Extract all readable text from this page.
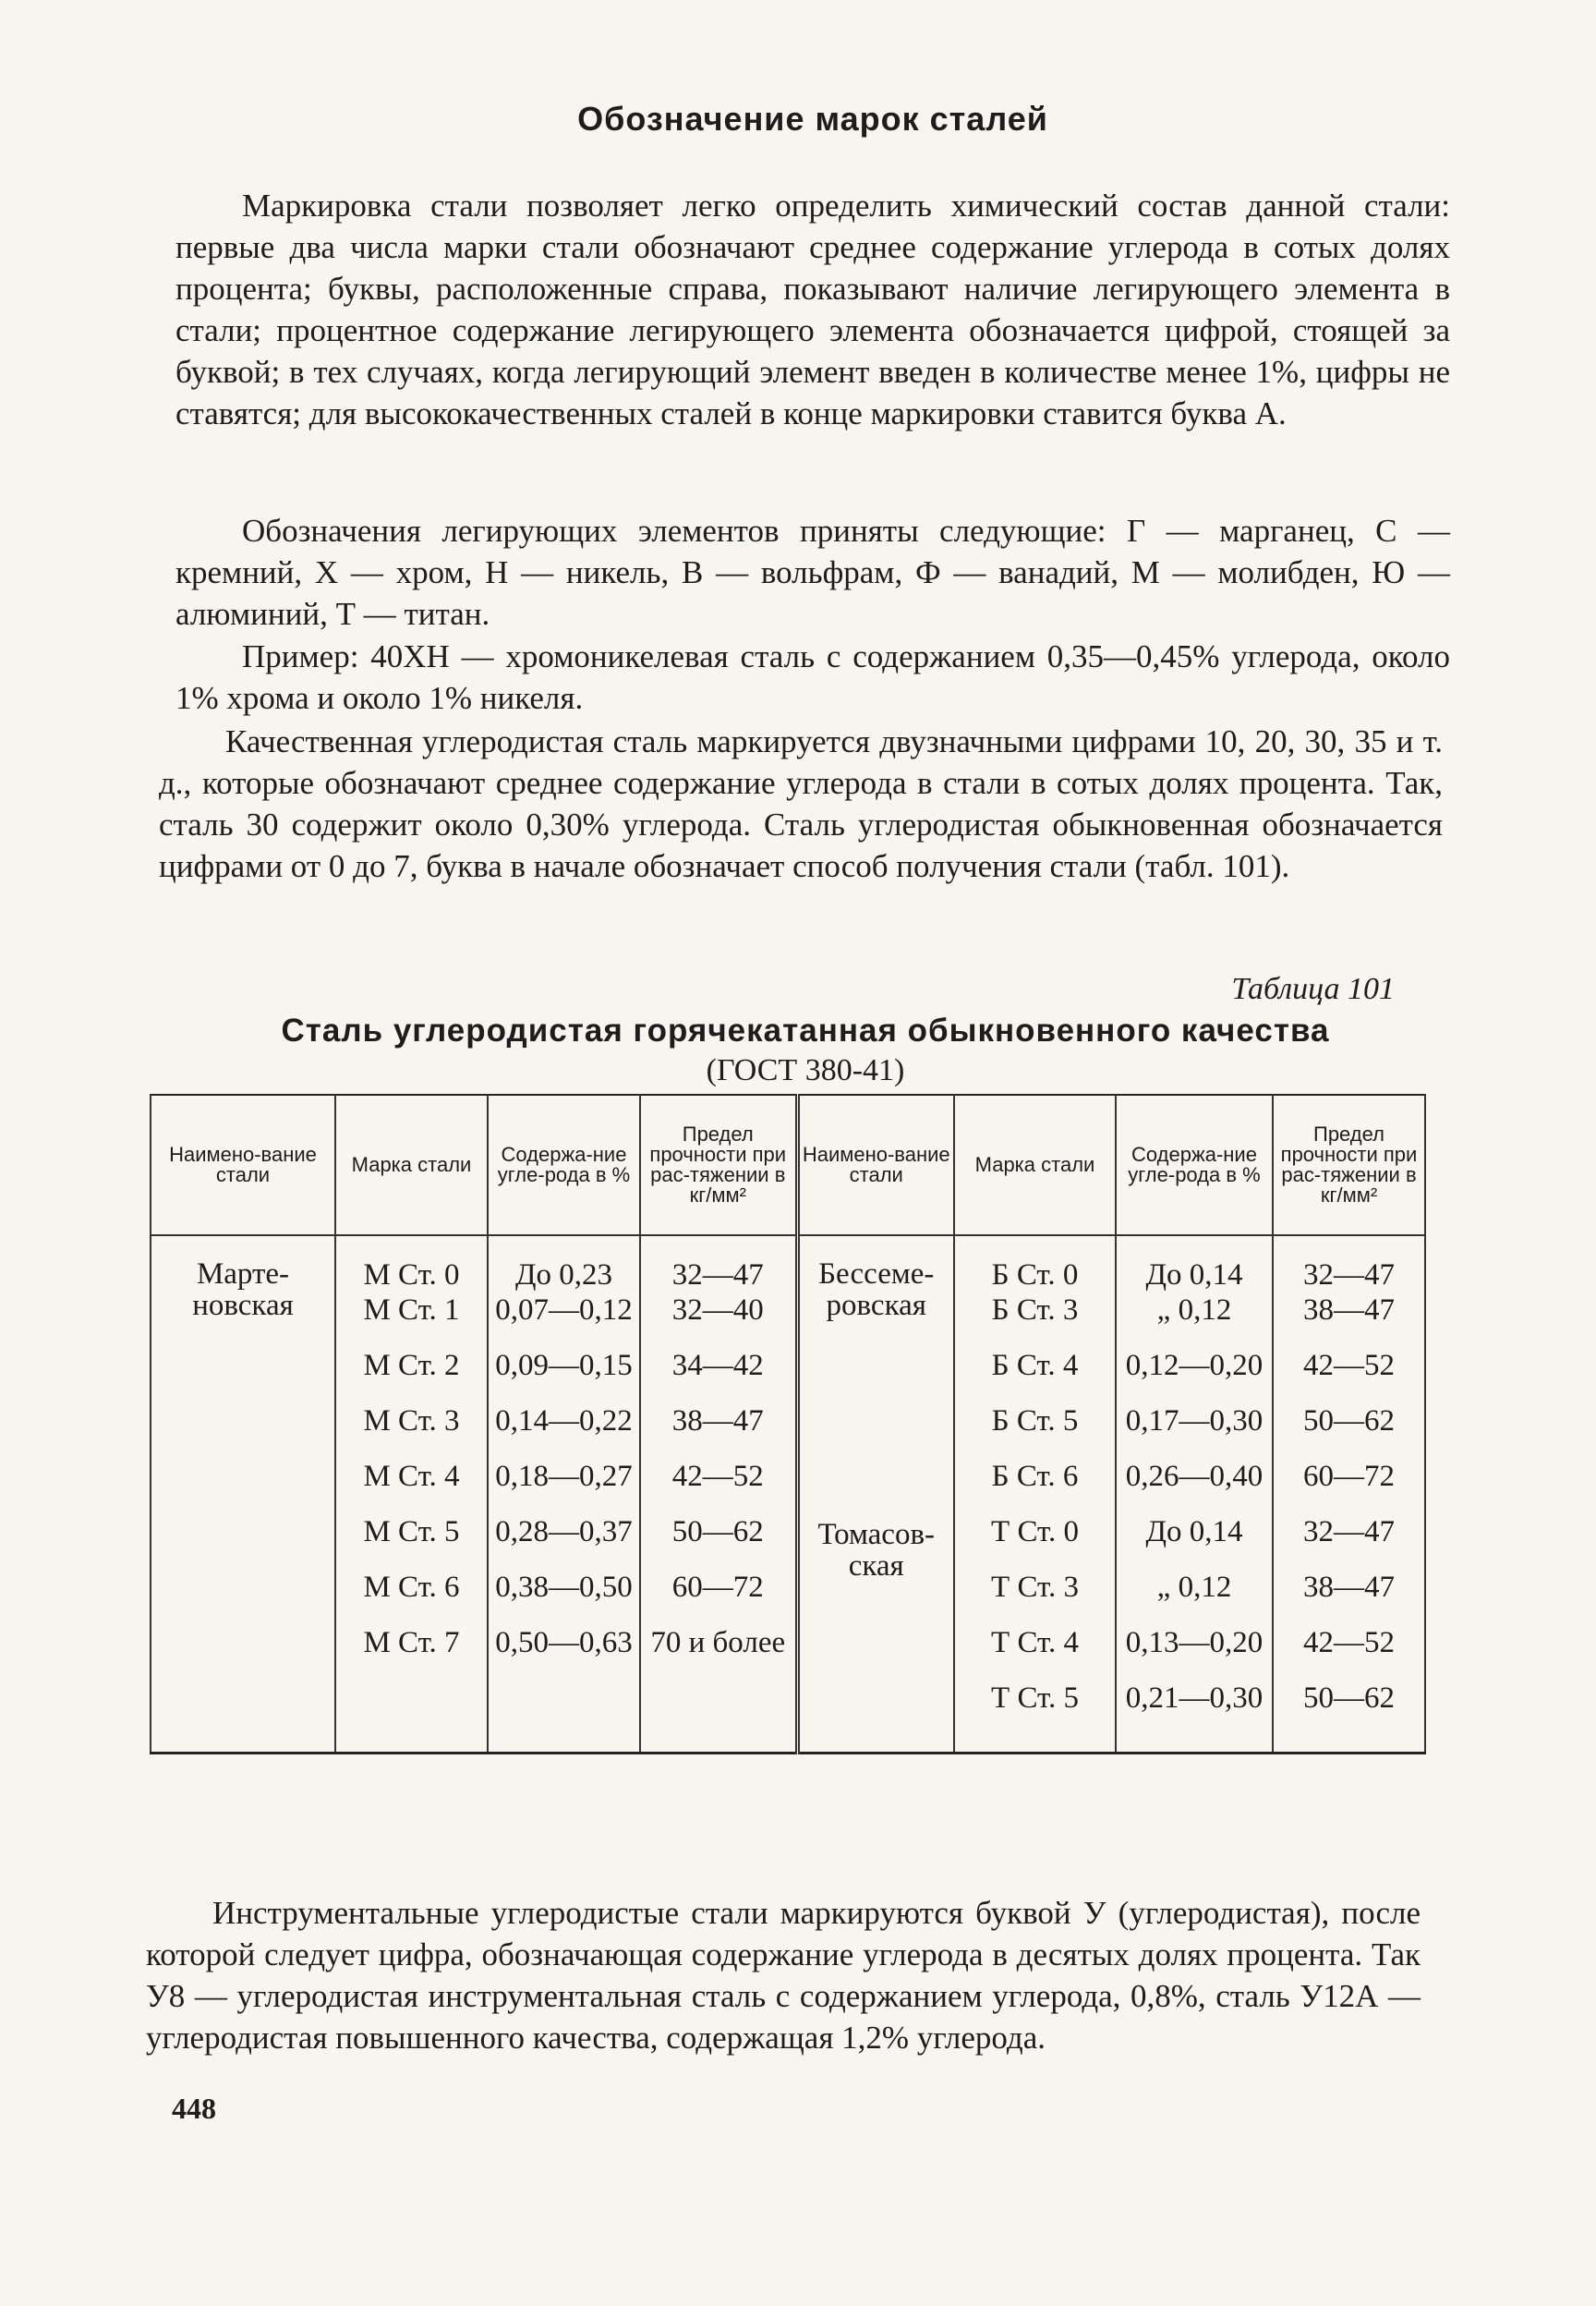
Обозначение марок сталей

Маркировка стали позволяет легко определить химический состав данной стали: первые два числа марки стали обозначают среднее содержание углерода в сотых долях процента; буквы, расположенные справа, показывают наличие легирующего элемента в стали; процентное содержание легирующего элемента обозначается цифрой, стоящей за буквой; в тех случаях, когда легирующий элемент введен в количестве менее 1%, цифры не ставятся; для высококачественных сталей в конце маркировки ставится буква А.

Обозначения легирующих элементов приняты следующие: Г — марганец, С — кремний, Х — хром, Н — никель, В — вольфрам, Ф — ванадий, М — молибден, Ю — алюминий, Т — титан.

Пример: 40ХН — хромоникелевая сталь с содержанием 0,35—0,45% углерода, около 1% хрома и около 1% никеля.

Качественная углеродистая сталь маркируется двузначными цифрами 10, 20, 30, 35 и т. д., которые обозначают среднее содержание углерода в стали в сотых долях процента. Так, сталь 30 содержит около 0,30% углерода. Сталь углеродистая обыкновенная обозначается цифрами от 0 до 7, буква в начале обозначает способ получения стали (табл. 101).

Таблица 101
Сталь углеродистая горячекатанная обыкновенного качества
(ГОСТ 380-41)
Наимено-вание стали	Марка стали	Содержа-ние угле-рода в %	Предел прочности при рас-тяжении в кг/мм²	Наимено-вание стали	Марка стали	Содержа-ние угле-рода в %	Предел прочности при рас-тяжении в кг/мм²
Марте-новская	М Ст. 0	До 0,23	32—47	Бессеме-ровская	Б Ст. 0	До 0,14	32—47
	М Ст. 1	0,07—0,12	32—40		Б Ст. 3	„ 0,12	38—47
	М Ст. 2	0,09—0,15	34—42		Б Ст. 4	0,12—0,20	42—52
	М Ст. 3	0,14—0,22	38—47		Б Ст. 5	0,17—0,30	50—62
	М Ст. 4	0,18—0,27	42—52		Б Ст. 6	0,26—0,40	60—72
	М Ст. 5	0,28—0,37	50—62	Томасов-ская	Т Ст. 0	До 0,14	32—47
	М Ст. 6	0,38—0,50	60—72		Т Ст. 3	„ 0,12	38—47
	М Ст. 7	0,50—0,63	70 и более		Т Ст. 4	0,13—0,20	42—52
					Т Ст. 5	0,21—0,30	50—62

Инструментальные углеродистые стали маркируются буквой У (углеродистая), после которой следует цифра, обозначающая содержание углерода в десятых долях процента. Так У8 — углеродистая инструментальная сталь с содержанием углерода, 0,8%, сталь У12А — углеродистая повышенного качества, содержащая 1,2% углерода.

448
